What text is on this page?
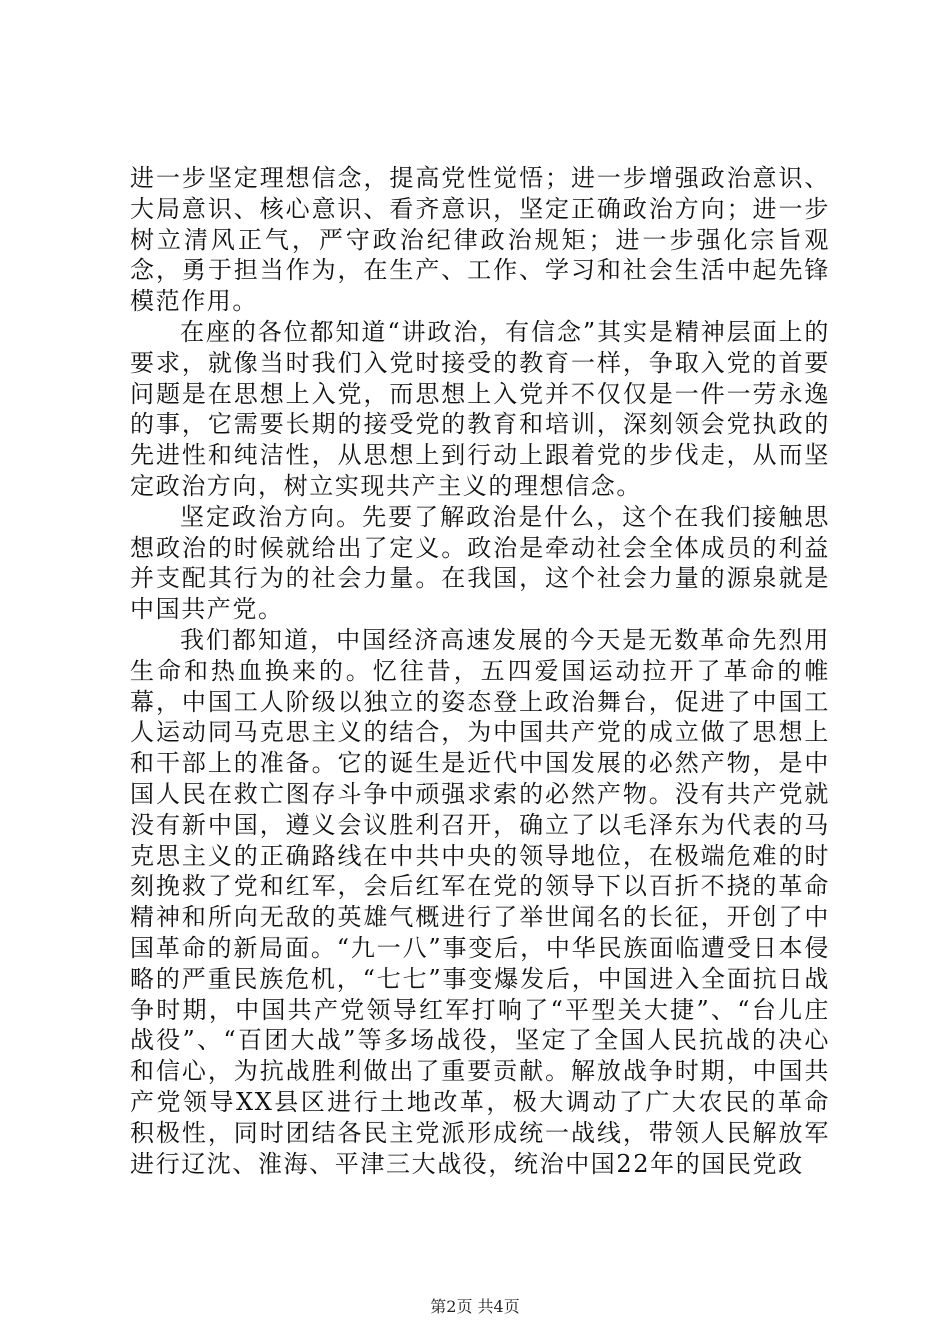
进一步坚定理想信念，提高党性觉悟；进一步增强政治意识、大局意识、核心意识、看齐意识，坚定正确政治方向；进一步树立清风正气，严守政治纪律政治规矩；进一步强化宗旨观念，勇于担当作为，在生产、工作、学习和社会生活中起先锋模范作用。

在座的各位都知道“讲政治，有信念”其实是精神层面上的要求，就像当时我们入党时接受的教育一样，争取入党的首要问题是在思想上入党，而思想上入党并不仅仅是一件一劳永逸的事，它需要长期的接受党的教育和培训，深刻领会党执政的先进性和纯洁性，从思想上到行动上跟着党的步伐走，从而坚定政治方向，树立实现共产主义的理想信念。

坚定政治方向。先要了解政治是什么，这个在我们接触思想政治的时候就给出了定义。政治是牵动社会全体成员的利益并支配其行为的社会力量。在我国，这个社会力量的源泉就是中国共产党。

我们都知道，中国经济高速发展的今天是无数革命先烈用生命和热血换来的。忆往昔，五四爱国运动拉开了革命的帷幕，中国工人阶级以独立的姿态登上政治舞台，促进了中国工人运动同马克思主义的结合，为中国共产党的成立做了思想上和干部上的准备。它的诞生是近代中国发展的必然产物，是中国人民在救亡图存斗争中顽强求索的必然产物。没有共产党就没有新中国，遵义会议胜利召开，确立了以毛泽东为代表的马克思主义的正确路线在中共中央的领导地位，在极端危难的时刻挽救了党和红军，会后红军在党的领导下以百折不挠的革命精神和所向无敌的英雄气概进行了举世闻名的长征，开创了中国革命的新局面。“九一八”事变后，中华民族面临遭受日本侵略的严重民族危机，“七七”事变爆发后，中国进入全面抗日战争时期，中国共产党领导红军打响了“平型关大捷”、“台儿庄战役”、“百团大战”等多场战役，坚定了全国人民抗战的决心和信心，为抗战胜利做出了重要贡献。解放战争时期，中国共产党领导XX县区进行土地改革，极大调动了广大农民的革命积极性，同时团结各民主党派形成统一战线，带领人民解放军进行辽沈、淮海、平津三大战役，统治中国22年的国民党政

第2页 共4页
